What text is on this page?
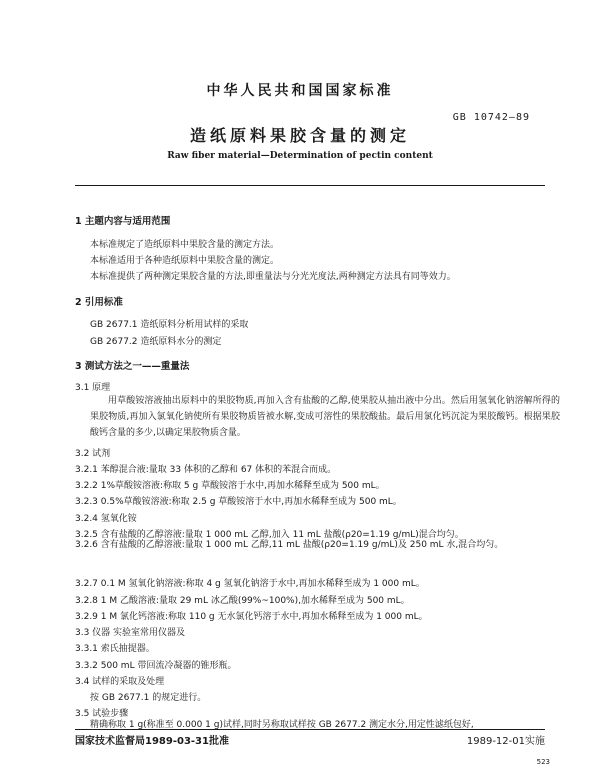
中华人民共和国国家标准
GB 10742—89
造纸原料果胶含量的测定
Raw fiber material—Determination of pectin content
1 主题内容与适用范围
本标准规定了造纸原料中果胶含量的测定方法。
本标准适用于各种造纸原料中果胶含量的测定。
本标准提供了两种测定果胶含量的方法,即重量法与分光光度法,两种测定方法具有同等效力。
2 引用标准
GB 2677.1 造纸原料分析用试样的采取
GB 2677.2 造纸原料水分的测定
3 测试方法之一——重量法
3.1 原理

用草酸铵溶液抽出原料中的果胶物质,再加入含有盐酸的乙醇,使果胶从抽出液中分出。然后用氢氧化钠溶解所得的果胶物质,再加入氯氧化钠使所有果胶物质皆被水解,变成可溶性的果胶酸盐。最后用氯化钙沉淀为果胶酸钙。根据果胶酸钙含量的多少,以确定果胶物质含量。

3.2 试剂
3.2.1 苯醇混合液:量取 33 体积的乙醇和 67 体积的苯混合而成。
3.2.2 1%草酸铵溶液:称取 5 g 草酸铵溶于水中,再加水稀释至成为 500 mL。
3.2.3 0.5%草酸铵溶液:称取 2.5 g 草酸铵溶于水中,再加水稀释至成为 500 mL。
3.2.4 氢氧化铵
3.2.5 含有盐酸的乙醇溶液:量取 1 000 mL 乙醇,加入 11 mL 盐酸(ρ20=1.19 g/mL)混合均匀。

3.2.6 含有盐酸的乙醇溶液:量取 1 000 mL 乙醇,11 mL 盐酸(ρ20=1.19 g/mL)及 250 mL 水,混合均匀。

3.2.7 0.1 M 氢氧化钠溶液:称取 4 g 氢氧化钠溶于水中,再加水稀释至成为 1 000 mL。
3.2.8 1 M 乙酸溶液:量取 29 mL 冰乙酸(99%~100%),加水稀释至成为 500 mL。
3.2.9 1 M 氯化钙溶液:称取 110 g 无水氯化钙溶于水中,再加水稀释至成为 1 000 mL。
3.3 仪器 实验室常用仪器及
3.3.1 索氏抽提器。
3.3.2 500 mL 带回流冷凝器的锥形瓶。
3.4 试样的采取及处理
按 GB 2677.1 的规定进行。
3.5 试验步骤
精确称取 1 g(称准至 0.000 1 g)试样,同时另称取试样按 GB 2677.2 测定水分,用定性滤纸包好,
国家技术监督局1989-03-31批准	1989-12-01实施
523
